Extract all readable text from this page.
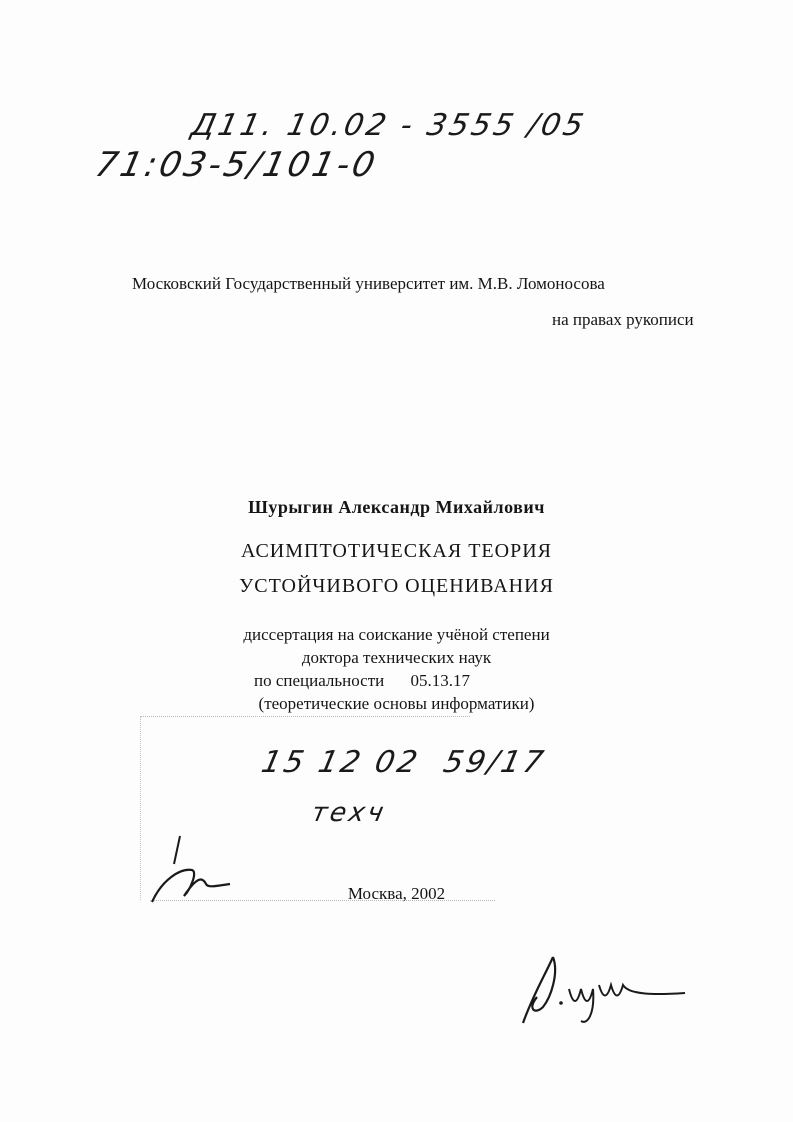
Д11. 10.02 - 3555 /05
71:03-5/101-0
Московский Государственный университет им. М.В. Ломоносова
на правах рукописи
Шурыгин Александр Михайлович
АСИМПТОТИЧЕСКАЯ ТЕОРИЯ
УСТОЙЧИВОГО ОЦЕНИВАНИЯ
диссертация на соискание учёной степени
доктора технических наук
по специальности 05.13.17
(теоретические основы информатики)
15 12 02 59/17
техч
Москва, 2002
